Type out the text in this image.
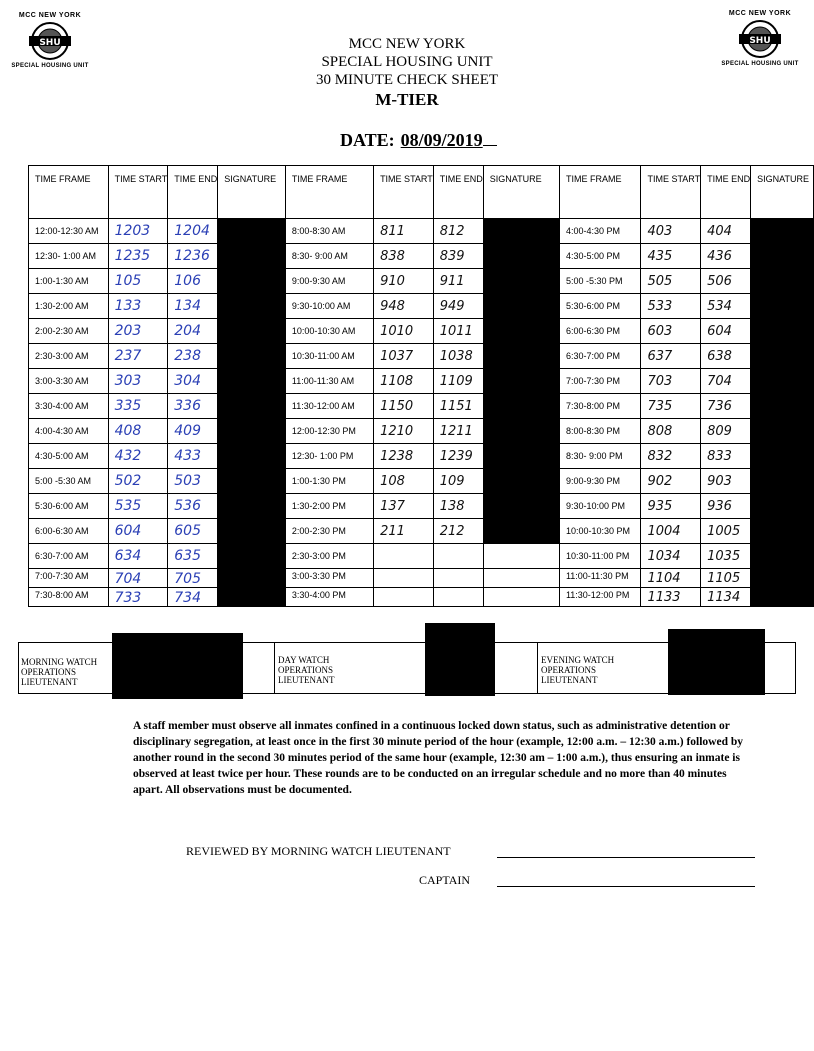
MCC NEW YORK
SHU
SPECIAL HOUSING UNIT
MCC NEW YORK
SHU
SPECIAL HOUSING UNIT
MCC NEW YORK
SPECIAL HOUSING UNIT
30 MINUTE CHECK SHEET
M-TIER
DATE: 08/09/2019
TIME FRAME	TIME START	TIME END	SIGNATURE	TIME FRAME	TIME START	TIME END	SIGNATURE	TIME FRAME	TIME START	TIME END	SIGNATURE
12:00-12:30 AM	1203	1204		8:00-8:30 AM	811	812		4:00-4:30 PM	403	404	
12:30- 1:00 AM	1235	1236		8:30- 9:00 AM	838	839		4:30-5:00 PM	435	436	
1:00-1:30 AM	105	106		9:00-9:30 AM	910	911		5:00 -5:30 PM	505	506	
1:30-2:00 AM	133	134		9:30-10:00 AM	948	949		5:30-6:00 PM	533	534	
2:00-2:30 AM	203	204		10:00-10:30 AM	1010	1011		6:00-6:30 PM	603	604	
2:30-3:00 AM	237	238		10:30-11:00 AM	1037	1038		6:30-7:00 PM	637	638	
3:00-3:30 AM	303	304		11:00-11:30 AM	1108	1109		7:00-7:30 PM	703	704	
3:30-4:00 AM	335	336		11:30-12:00 AM	1150	1151		7:30-8:00 PM	735	736	
4:00-4:30 AM	408	409		12:00-12:30 PM	1210	1211		8:00-8:30 PM	808	809	
4:30-5:00 AM	432	433		12:30- 1:00 PM	1238	1239		8:30- 9:00 PM	832	833	
5:00 -5:30 AM	502	503		1:00-1:30 PM	108	109		9:00-9:30 PM	902	903	
5:30-6:00 AM	535	536		1:30-2:00 PM	137	138		9:30-10:00 PM	935	936	
6:00-6:30 AM	604	605		2:00-2:30 PM	211	212		10:00-10:30 PM	1004	1005	
6:30-7:00 AM	634	635		2:30-3:00 PM				10:30-11:00 PM	1034	1035	
7:00-7:30 AM	704	705		3:00-3:30 PM				11:00-11:30 PM	1104	1105	
7:30-8:00 AM	733	734		3:30-4:00 PM				11:30-12:00 PM	1133	1134	
MORNING WATCH OPERATIONS LIEUTENANT
DAY WATCH OPERATIONS LIEUTENANT
EVENING WATCH OPERATIONS LIEUTENANT
A staff member must observe all inmates confined in a continuous locked down status, such as administrative detention or disciplinary segregation, at least once in the first 30 minute period of the hour (example, 12:00 a.m. – 12:30 a.m.) followed by another round in the second 30 minutes period of the same hour (example, 12:30 am – 1:00 a.m.), thus ensuring an inmate is observed at least twice per hour. These rounds are to be conducted on an irregular schedule and no more than 40 minutes apart. All observations must be documented.
REVIEWED BY MORNING WATCH LIEUTENANT
CAPTAIN
